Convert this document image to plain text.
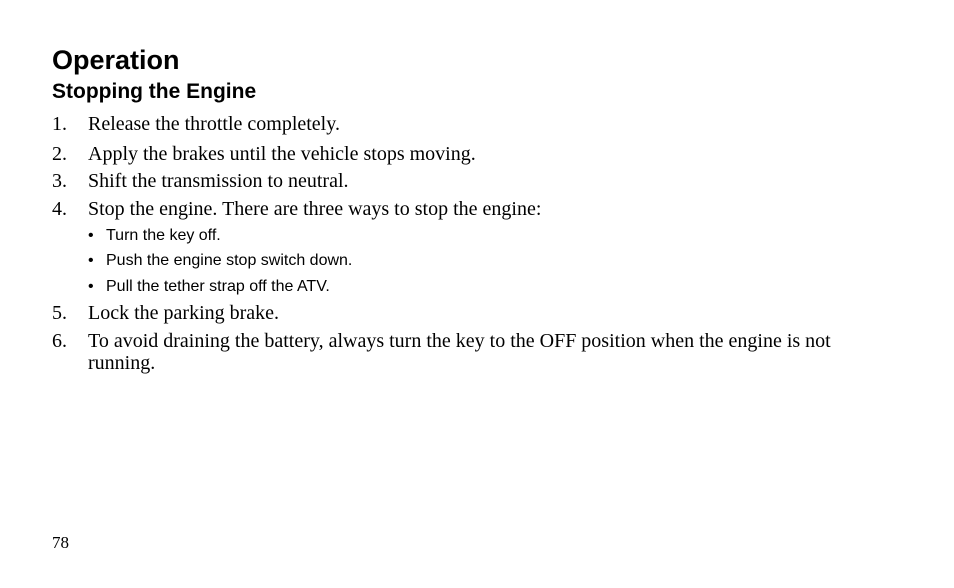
Operation
Stopping the Engine
1.	Release the throttle completely.
2.	Apply the brakes until the vehicle stops moving.
3.	Shift the transmission to neutral.
4.	Stop the engine. There are three ways to stop the engine:
• Turn the key off.
• Push the engine stop switch down.
• Pull the tether strap off the ATV.
5.	Lock the parking brake.
6.	To avoid draining the battery, always turn the key to the OFF position when the engine is not running.
78
